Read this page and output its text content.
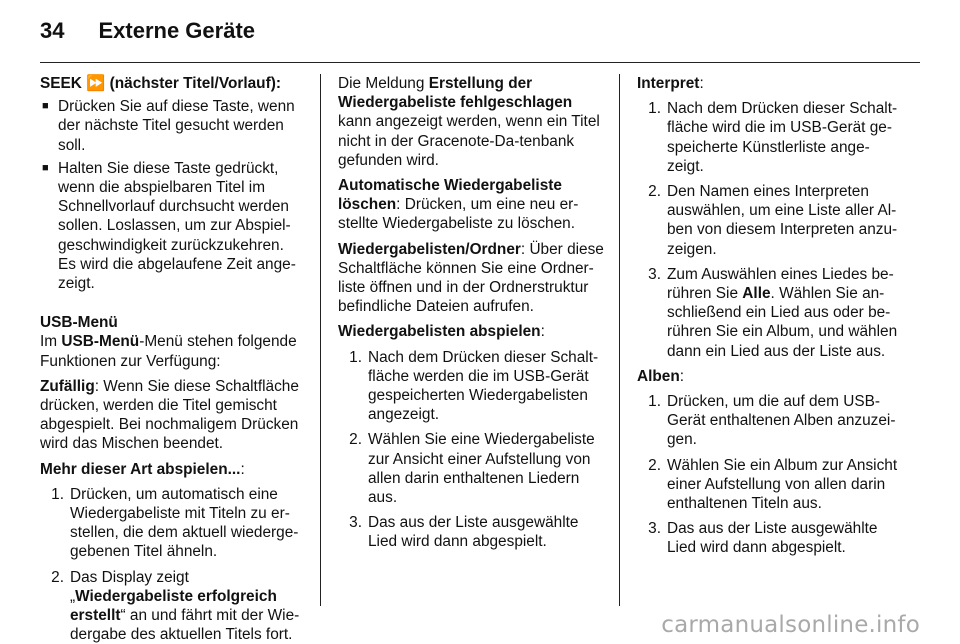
34 Externe Geräte

SEEK ⏩ (nächster Titel/Vorlauf):

■ Drücken Sie auf diese Taste, wenn der nächste Titel gesucht werden soll.
■ Halten Sie diese Taste gedrückt, wenn die abspielbaren Titel im Schnellvorlauf durchsucht werden sollen. Loslassen, um zur Abspiel-geschwindigkeit zurückzukehren. Es wird die abgelaufene Zeit ange-zeigt.

USB-Menü

Im USB-Menü-Menü stehen folgende Funktionen zur Verfügung:

Zufällig: Wenn Sie diese Schaltfläche drücken, werden die Titel gemischt abgespielt. Bei nochmaligem Drücken wird das Mischen beendet.

Mehr dieser Art abspielen...:

1. Drücken, um automatisch eine Wiedergabeliste mit Titeln zu er-stellen, die dem aktuell wiederge-gebenen Titel ähneln.
2. Das Display zeigt „Wiedergabeliste erfolgreich erstellt“ an und fährt mit der Wie-dergabe des aktuellen Titels fort.

Die Meldung Erstellung der Wiedergabeliste fehlgeschlagen kann angezeigt werden, wenn ein Titel nicht in der Gracenote-Da-tenbank gefunden wird.

Automatische Wiedergabeliste löschen: Drücken, um eine neu er-stellte Wiedergabeliste zu löschen.

Wiedergabelisten/Ordner: Über diese Schaltfläche können Sie eine Ordner-liste öffnen und in der Ordnerstruktur befindliche Dateien aufrufen.

Wiedergabelisten abspielen:

1. Nach dem Drücken dieser Schalt-fläche werden die im USB-Gerät gespeicherten Wiedergabelisten angezeigt.
2. Wählen Sie eine Wiedergabeliste zur Ansicht einer Aufstellung von allen darin enthaltenen Liedern aus.
3. Das aus der Liste ausgewählte Lied wird dann abgespielt.

Interpret:

1. Nach dem Drücken dieser Schalt-fläche wird die im USB-Gerät ge-speicherte Künstlerliste ange-zeigt.
2. Den Namen eines Interpreten auswählen, um eine Liste aller Al-ben von diesem Interpreten anzu-zeigen.
3. Zum Auswählen eines Liedes be-rühren Sie Alle. Wählen Sie an-schließend ein Lied aus oder be-rühren Sie ein Album, und wählen dann ein Lied aus der Liste aus.

Alben:

1. Drücken, um die auf dem USB-Gerät enthaltenen Alben anzuzei-gen.
2. Wählen Sie ein Album zur Ansicht einer Aufstellung von allen darin enthaltenen Titeln aus.
3. Das aus der Liste ausgewählte Lied wird dann abgespielt.
carmanualsonline.info
